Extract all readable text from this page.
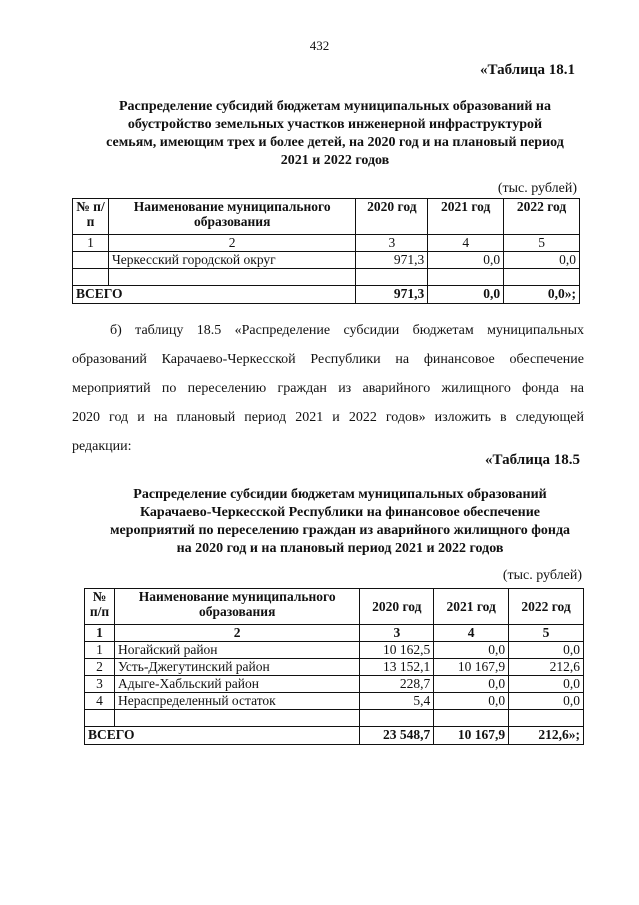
432
«Таблица 18.1
Распределение субсидий бюджетам муниципальных образований на
обустройство земельных участков инженерной инфраструктурой
семьям, имеющим трех и более детей, на 2020 год и на плановый период
2021 и 2022 годов
(тыс. рублей)
№ п/п	Наименование муниципального образования	2020 год	2021 год	2022 год
1	2	3	4	5
	Черкесский городской округ	971,3	0,0	0,0

ВСЕГО		971,3	0,0	0,0»;
б) таблицу 18.5 «Распределение субсидии бюджетам муниципальных
образований Карачаево-Черкесской Республики на финансовое обеспечение
мероприятий по переселению граждан из аварийного жилищного фонда на
2020 год и на плановый период 2021 и 2022 годов» изложить в следующей
редакции:
«Таблица 18.5
Распределение субсидии бюджетам муниципальных образований
Карачаево-Черкесской Республики на финансовое обеспечение
мероприятий по переселению граждан из аварийного жилищного фонда
на 2020 год и на плановый период 2021 и 2022 годов
(тыс. рублей)
№ п/п	Наименование муниципального образования	2020 год	2021 год	2022 год
1	2	3	4	5
1	Ногайский район	10 162,5	0,0	0,0
2	Усть-Джегутинский район	13 152,1	10 167,9	212,6
3	Адыге-Хабльский район	228,7	0,0	0,0
4	Нераспределенный остаток	5,4	0,0	0,0

ВСЕГО		23 548,7	10 167,9	212,6»;
